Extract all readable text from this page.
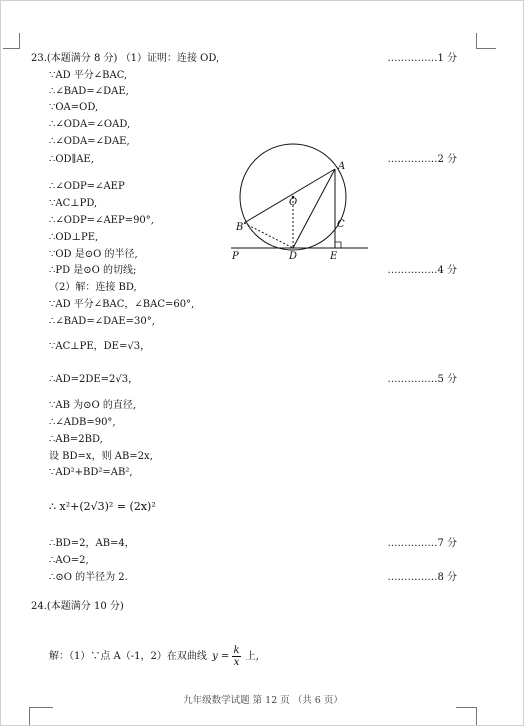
23.(本题满分 8 分) （1）证明：连接 OD,	……………1 分
∵AD 平分∠BAC,
∴∠BAD=∠DAE,
∵OA=OD,
∴∠ODA=∠OAD,
∴∠ODA=∠DAE,
∴OD∥AE,	……………2 分
∴∠ODP=∠AEP
∵AC⊥PD,
∴∠ODP=∠AEP=90°,
∴OD⊥PE,
∵OD 是⊙O 的半径,
∴PD 是⊙O 的切线;	……………4 分
（2）解：连接 BD,
∵AD 平分∠BAC，∠BAC=60°,
∴∠BAD=∠DAE=30°,
∵AC⊥PE，DE=√3，
∴AD=2DE=2√3，	……………5 分
∵AB 为⊙O 的直径,
∴∠ADB=90°,
∴AB=2BD,
设 BD=x，则 AB=2x,
∵AD²+BD²=AB²,
∴ x²+(2√3)² = (2x)²
∴BD=2，AB=4，	……………7 分
∴AO=2,
∴⊙O 的半径为 2.	……………8 分
A
O
B	C
P	D	E
24.(本题满分 10 分)
解：（1）∵点 A（-1，2）在双曲线 $y = \frac{k}{x}$ 上,
九年级数学试题 第 12 页 （共 6 页）
